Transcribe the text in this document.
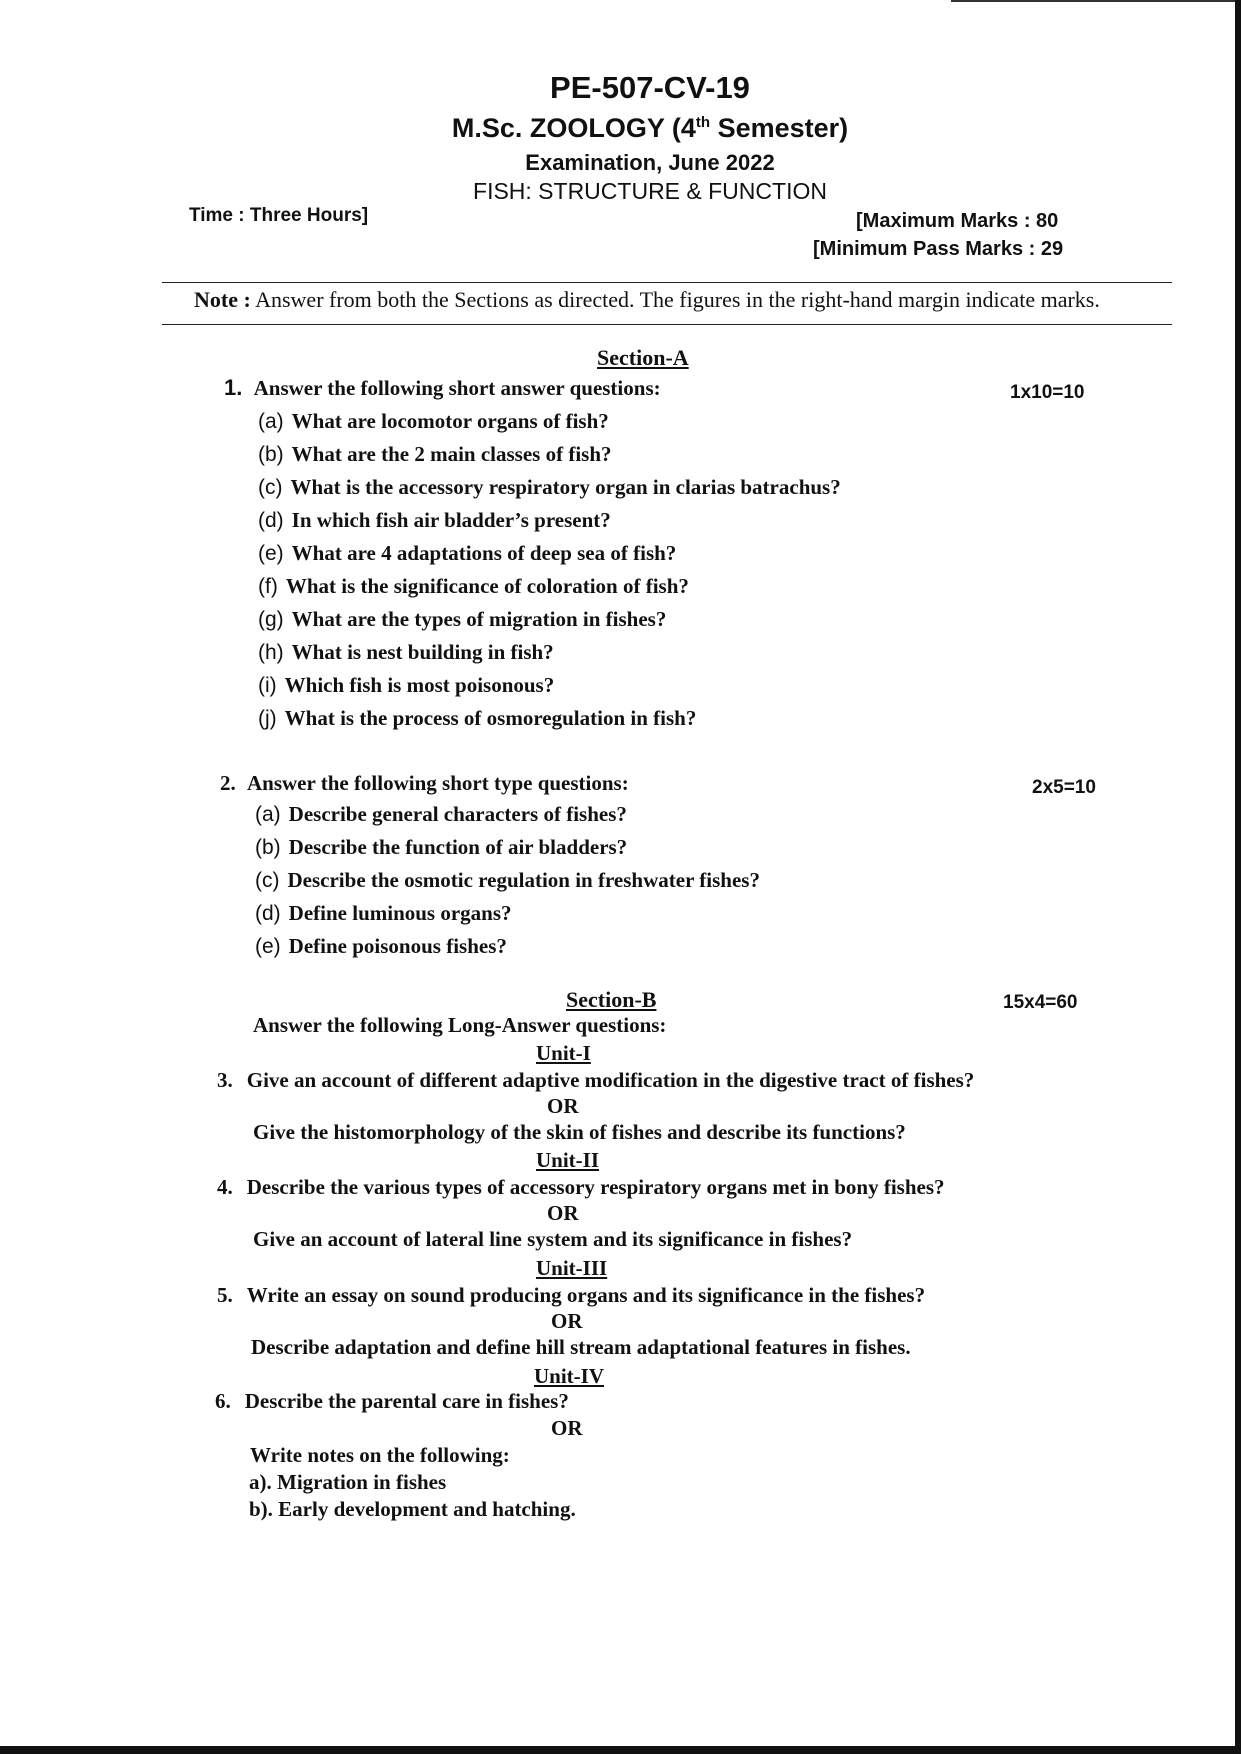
PE-507-CV-19
M.Sc. ZOOLOGY (4th Semester)
Examination, June 2022
FISH: STRUCTURE & FUNCTION
Time : Three Hours]	[Maximum Marks : 80
[Minimum Pass Marks : 29
Note : Answer from both the Sections as directed. The figures in the right-hand margin indicate marks.
Section-A
1. Answer the following short answer questions:	1x10=10
(a) What are locomotor organs of fish?
(b) What are the 2 main classes of fish?
(c) What is the accessory respiratory organ in clarias batrachus?
(d) In which fish air bladder’s present?
(e) What are 4 adaptations of deep sea of fish?
(f) What is the significance of coloration of fish?
(g) What are the types of migration in fishes?
(h) What is nest building in fish?
(i) Which fish is most poisonous?
(j) What is the process of osmoregulation in fish?
2. Answer the following short type questions:	2x5=10
(a) Describe general characters of fishes?
(b) Describe the function of air bladders?
(c) Describe the osmotic regulation in freshwater fishes?
(d) Define luminous organs?
(e) Define poisonous fishes?
Section-B	15x4=60
Answer the following Long-Answer questions:
Unit-I
3. Give an account of different adaptive modification in the digestive tract of fishes?
OR
Give the histomorphology of the skin of fishes and describe its functions?
Unit-II
4. Describe the various types of accessory respiratory organs met in bony fishes?
OR
Give an account of lateral line system and its significance in fishes?
Unit-III
5. Write an essay on sound producing organs and its significance in the fishes?
OR
Describe adaptation and define hill stream adaptational features in fishes.
Unit-IV
6. Describe the parental care in fishes?
OR
Write notes on the following:
a). Migration in fishes
b). Early development and hatching.
